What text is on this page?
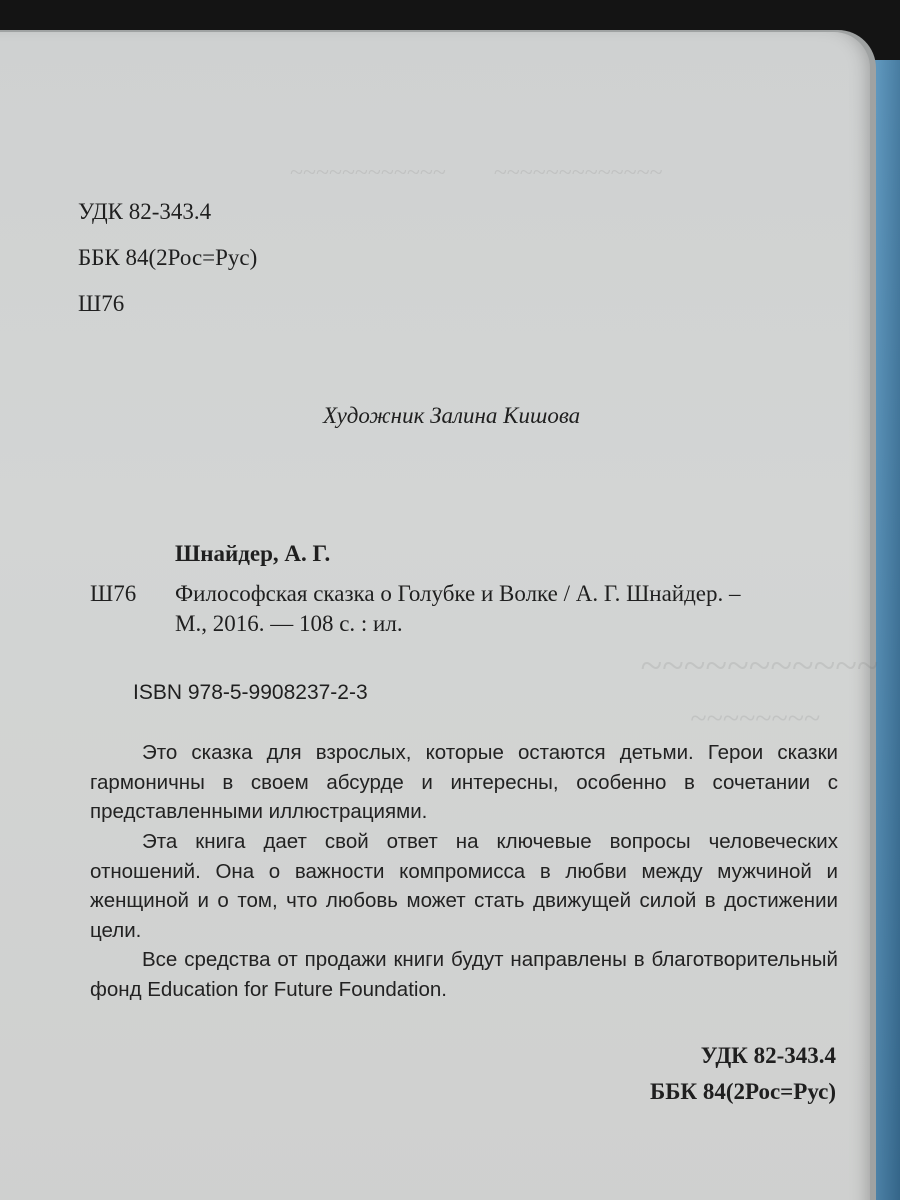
~~~~~~~~~~~~        ~~~~~~~~~~~~~
~~~~~~~~~~~
~~~~~~~~
УДК 82-343.4
ББК 84(2Рос=Рус)
Ш76
Художник Залина Кишова
Шнайдер, А. Г.
Ш76 Философская сказка о Голубке и Волке / А. Г. Шнайдер. –
М., 2016. — 108 с. : ил.
ISBN 978-5-9908237-2-3

Это сказка для взрослых, которые остаются детьми. Герои сказки гармоничны в своем абсурде и интересны, особенно в сочетании с представленными иллюстрациями.

Эта книга дает свой ответ на ключевые вопросы человеческих отношений. Она о важности компромисса в любви между мужчиной и женщиной и о том, что любовь может стать движущей силой в достижении цели.

Все средства от продажи книги будут направлены в благотворительный фонд Education for Future Foundation.

УДК 82-343.4
ББК 84(2Рос=Рус)
